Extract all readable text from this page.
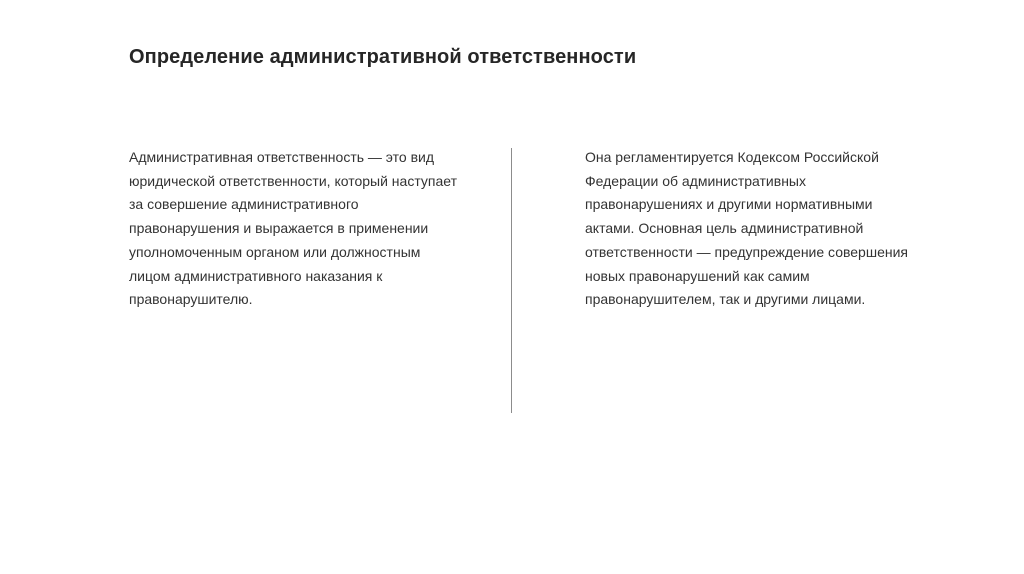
Определение административной ответственности
Административная ответственность — это вид
юридической ответственности, который наступает
за совершение административного
правонарушения и выражается в применении
уполномоченным органом или должностным
лицом административного наказания к
правонарушителю.
Она регламентируется Кодексом Российской
Федерации об административных
правонарушениях и другими нормативными
актами. Основная цель административной
ответственности — предупреждение совершения
новых правонарушений как самим
правонарушителем, так и другими лицами.
